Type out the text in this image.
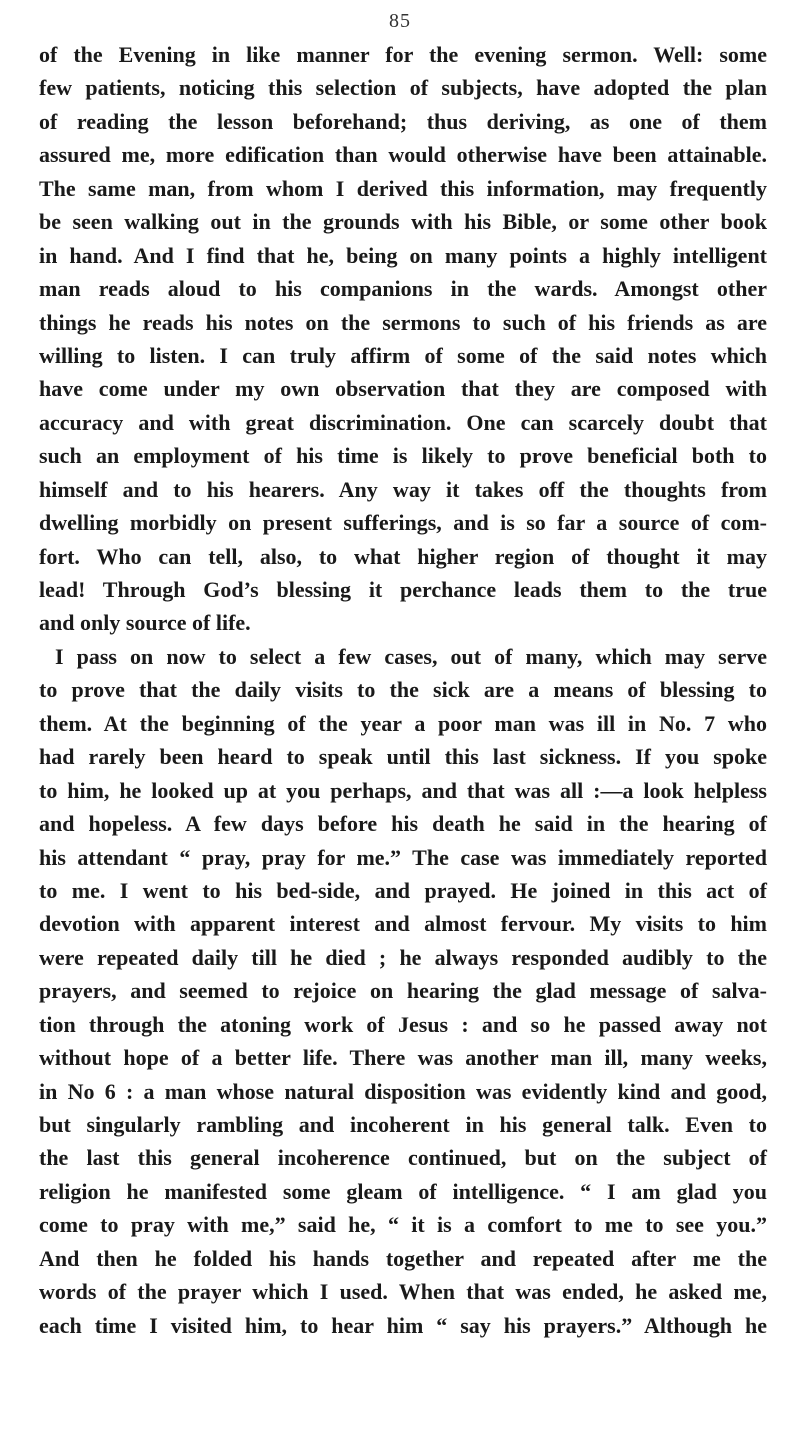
85
of the Evening in like manner for the evening sermon. Well: some
few patients, noticing this selection of subjects, have adopted the plan
of reading the lesson beforehand; thus deriving, as one of them
assured me, more edification than would otherwise have been attainable.
The same man, from whom I derived this information, may frequently
be seen walking out in the grounds with his Bible, or some other book
in hand. And I find that he, being on many points a highly intelligent
man reads aloud to his companions in the wards. Amongst other
things he reads his notes on the sermons to such of his friends as are
willing to listen. I can truly affirm of some of the said notes which
have come under my own observation that they are composed with
accuracy and with great discrimination. One can scarcely doubt that
such an employment of his time is likely to prove beneficial both to
himself and to his hearers. Any way it takes off the thoughts from
dwelling morbidly on present sufferings, and is so far a source of com-
fort. Who can tell, also, to what higher region of thought it may
lead! Through God’s blessing it perchance leads them to the true
and only source of life.
I pass on now to select a few cases, out of many, which may serve
to prove that the daily visits to the sick are a means of blessing to
them. At the beginning of the year a poor man was ill in No. 7 who
had rarely been heard to speak until this last sickness. If you spoke
to him, he looked up at you perhaps, and that was all :—a look helpless
and hopeless. A few days before his death he said in the hearing of
his attendant “ pray, pray for me.” The case was immediately reported
to me. I went to his bed-side, and prayed. He joined in this act of
devotion with apparent interest and almost fervour. My visits to him
were repeated daily till he died ; he always responded audibly to the
prayers, and seemed to rejoice on hearing the glad message of salva-
tion through the atoning work of Jesus : and so he passed away not
without hope of a better life. There was another man ill, many weeks,
in No 6 : a man whose natural disposition was evidently kind and good,
but singularly rambling and incoherent in his general talk. Even to
the last this general incoherence continued, but on the subject of
religion he manifested some gleam of intelligence. “ I am glad you
come to pray with me,” said he, “ it is a comfort to me to see you.”
And then he folded his hands together and repeated after me the
words of the prayer which I used. When that was ended, he asked me,
each time I visited him, to hear him “ say his prayers.” Although he
